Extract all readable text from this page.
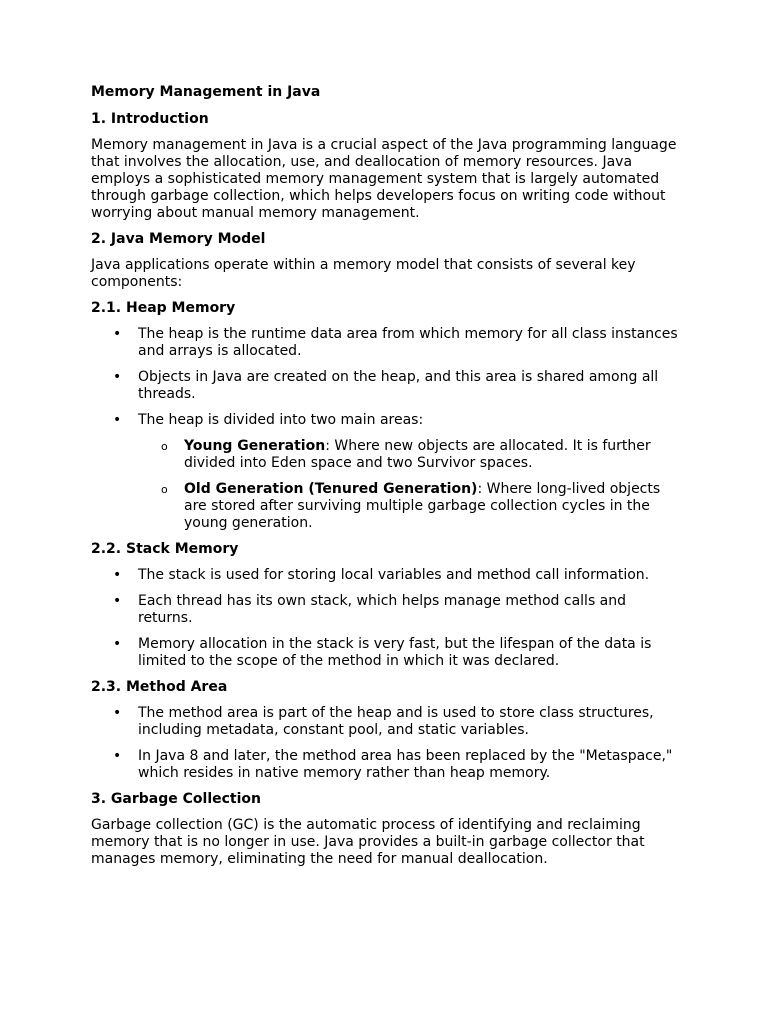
Memory Management in Java
1. Introduction

Memory management in Java is a crucial aspect of the Java programming language that involves the allocation, use, and deallocation of memory resources. Java employs a sophisticated memory management system that is largely automated through garbage collection, which helps developers focus on writing code without worrying about manual memory management.

2. Java Memory Model

Java applications operate within a memory model that consists of several key components:

2.1. Heap Memory
• The heap is the runtime data area from which memory for all class instances and arrays is allocated.
• Objects in Java are created on the heap, and this area is shared among all threads.
• The heap is divided into two main areas:
o Young Generation: Where new objects are allocated. It is further divided into Eden space and two Survivor spaces.
o Old Generation (Tenured Generation): Where long-lived objects are stored after surviving multiple garbage collection cycles in the young generation.
2.2. Stack Memory
• The stack is used for storing local variables and method call information.
• Each thread has its own stack, which helps manage method calls and returns.
• Memory allocation in the stack is very fast, but the lifespan of the data is limited to the scope of the method in which it was declared.
2.3. Method Area
• The method area is part of the heap and is used to store class structures, including metadata, constant pool, and static variables.
• In Java 8 and later, the method area has been replaced by the "Metaspace," which resides in native memory rather than heap memory.
3. Garbage Collection

Garbage collection (GC) is the automatic process of identifying and reclaiming memory that is no longer in use. Java provides a built-in garbage collector that manages memory, eliminating the need for manual deallocation.
